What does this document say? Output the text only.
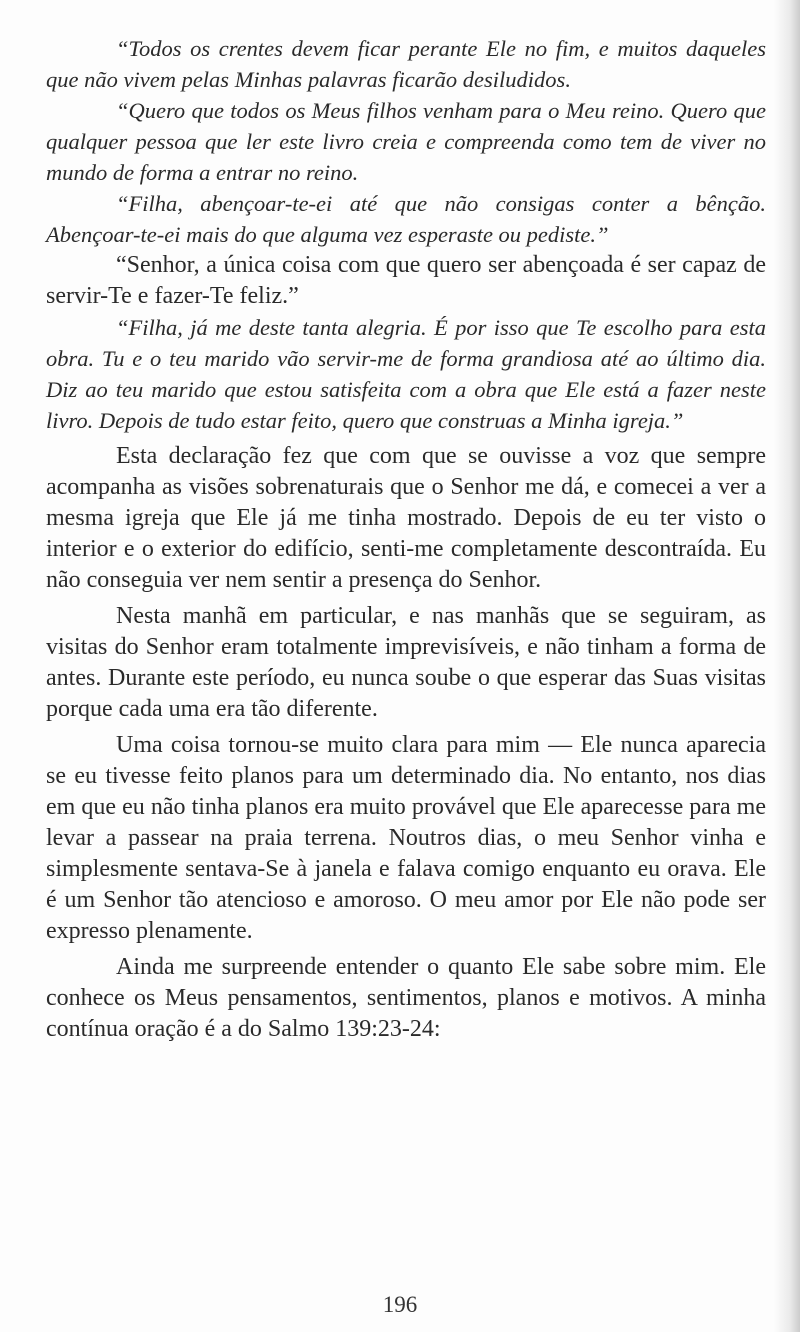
“Todos os crentes devem ficar perante Ele no fim, e muitos daqueles que não vivem pelas Minhas palavras ficarão desiludidos.

“Quero que todos os Meus filhos venham para o Meu reino. Quero que qualquer pessoa que ler este livro creia e compreenda como tem de viver no mundo de forma a entrar no reino.

“Filha, abençoar-te-ei até que não consigas conter a bênção. Abençoar-te-ei mais do que alguma vez esperaste ou pediste.”

“Senhor, a única coisa com que quero ser abençoada é ser capaz de servir-Te e fazer-Te feliz.”

“Filha, já me deste tanta alegria. É por isso que Te escolho para esta obra. Tu e o teu marido vão servir-me de forma grandiosa até ao último dia. Diz ao teu marido que estou satisfeita com a obra que Ele está a fazer neste livro. Depois de tudo estar feito, quero que construas a Minha igreja.”

Esta declaração fez que com que se ouvisse a voz que sempre acompanha as visões sobrenaturais que o Senhor me dá, e comecei a ver a mesma igreja que Ele já me tinha mostrado. Depois de eu ter visto o interior e o exterior do edifício, senti-me completamente descontraída. Eu não conseguia ver nem sentir a presença do Senhor.

Nesta manhã em particular, e nas manhãs que se seguiram, as visitas do Senhor eram totalmente imprevisíveis, e não tinham a forma de antes. Durante este período, eu nunca soube o que esperar das Suas visitas porque cada uma era tão diferente.

Uma coisa tornou-se muito clara para mim — Ele nunca aparecia se eu tivesse feito planos para um determinado dia. No entanto, nos dias em que eu não tinha planos era muito provável que Ele aparecesse para me levar a passear na praia terrena. Noutros dias, o meu Senhor vinha e simplesmente sentava-Se à janela e falava comigo enquanto eu orava. Ele é um Senhor tão atencioso e amoroso. O meu amor por Ele não pode ser expresso plenamente.

Ainda me surpreende entender o quanto Ele sabe sobre mim. Ele conhece os Meus pensamentos, sentimentos, planos e motivos. A minha contínua oração é a do Salmo 139:23-24:

196
